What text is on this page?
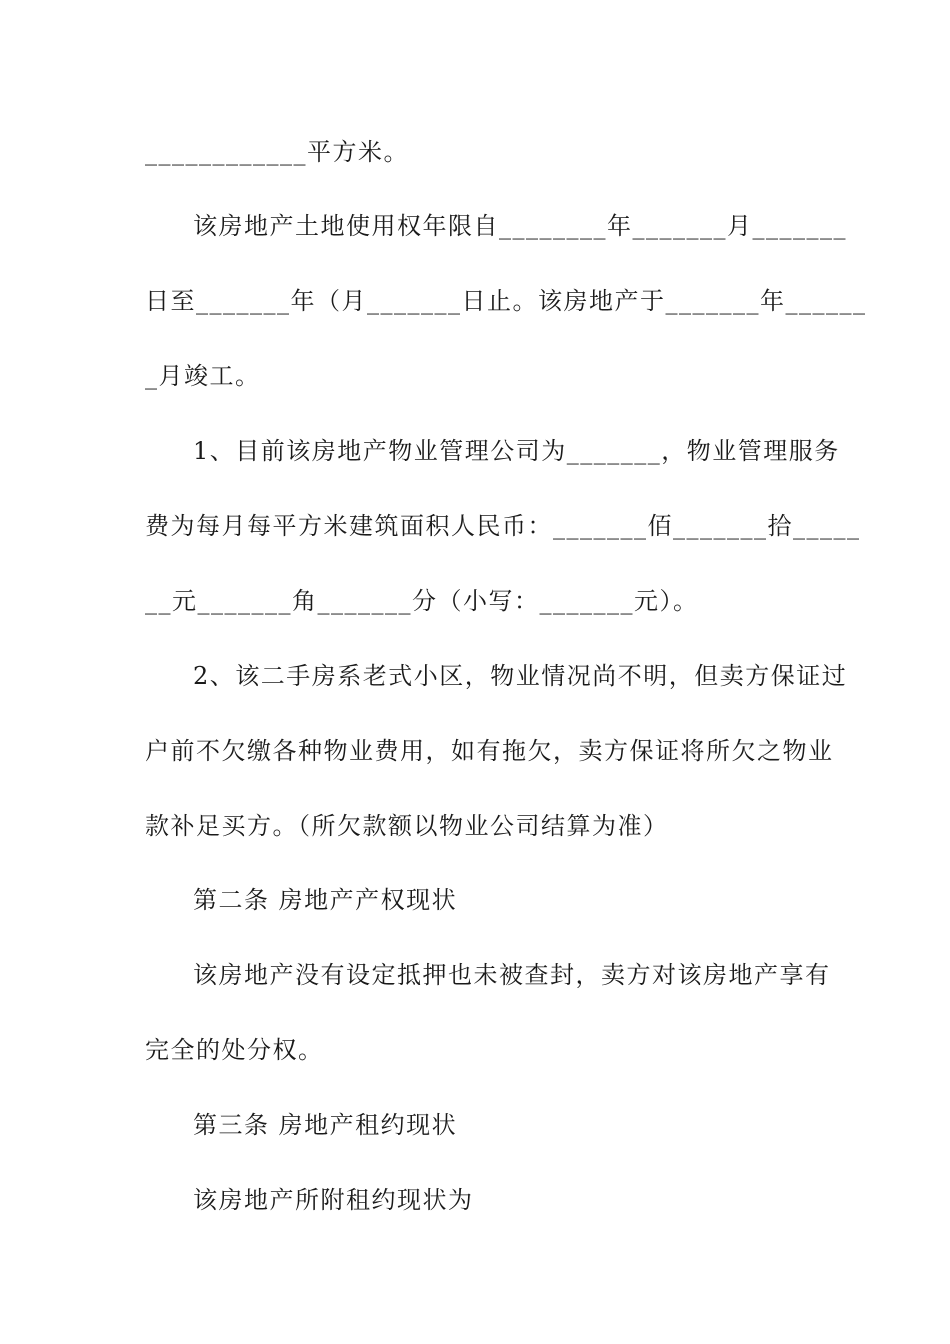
____________平方米。
该房地产土地使用权年限自________年_______月_______
日至_______年（月_______日止。该房地产于_______年______
_月竣工。
1、目前该房地产物业管理公司为_______，物业管理服务
费为每月每平方米建筑面积人民币：_______佰_______拾_____
__元_______角_______分（小写：_______元）。
2、该二手房系老式小区，物业情况尚不明，但卖方保证过
户前不欠缴各种物业费用，如有拖欠，卖方保证将所欠之物业
款补足买方。（所欠款额以物业公司结算为准）
第二条 房地产产权现状
该房地产没有设定抵押也未被查封，卖方对该房地产享有
完全的处分权。
第三条 房地产租约现状
该房地产所附租约现状为
